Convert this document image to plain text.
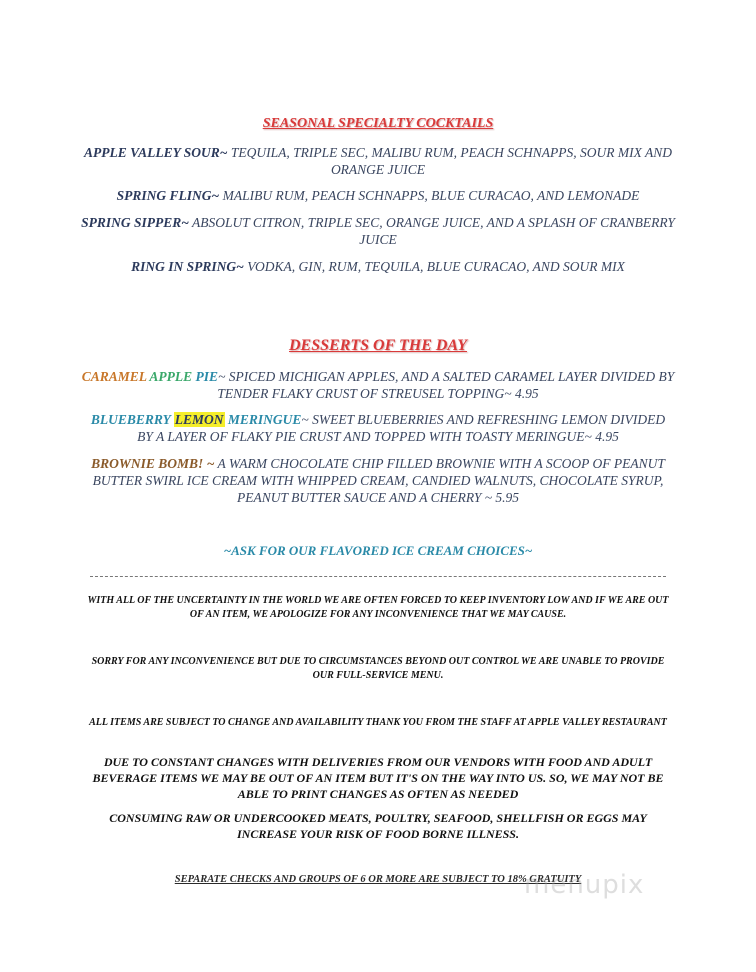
SEASONAL SPECIALTY COCKTAILS
APPLE VALLEY SOUR~ TEQUILA, TRIPLE SEC, MALIBU RUM, PEACH SCHNAPPS, SOUR MIX AND ORANGE JUICE
SPRING FLING~ MALIBU RUM, PEACH SCHNAPPS, BLUE CURACAO, AND LEMONADE
SPRING SIPPER~ ABSOLUT CITRON, TRIPLE SEC, ORANGE JUICE, AND A SPLASH OF CRANBERRY JUICE
RING IN SPRING~ VODKA, GIN, RUM, TEQUILA, BLUE CURACAO, AND SOUR MIX
DESSERTS OF THE DAY
CARAMEL APPLE PIE~ SPICED MICHIGAN APPLES, AND A SALTED CARAMEL LAYER DIVIDED BY TENDER FLAKY CRUST OF STREUSEL TOPPING~ 4.95
BLUEBERRY LEMON MERINGUE~ SWEET BLUEBERRIES AND REFRESHING LEMON DIVIDED BY A LAYER OF FLAKY PIE CRUST AND TOPPED WITH TOASTY MERINGUE~ 4.95
BROWNIE BOMB! ~ A WARM CHOCOLATE CHIP FILLED BROWNIE WITH A SCOOP OF PEANUT BUTTER SWIRL ICE CREAM WITH WHIPPED CREAM, CANDIED WALNUTS, CHOCOLATE SYRUP, PEANUT BUTTER SAUCE AND A CHERRY ~ 5.95
~ASK FOR OUR FLAVORED ICE CREAM CHOICES~
WITH ALL OF THE UNCERTAINTY IN THE WORLD WE ARE OFTEN FORCED TO KEEP INVENTORY LOW AND IF WE ARE OUT OF AN ITEM, WE APOLOGIZE FOR ANY INCONVENIENCE THAT WE MAY CAUSE.
SORRY FOR ANY INCONVENIENCE BUT DUE TO CIRCUMSTANCES BEYOND OUT CONTROL WE ARE UNABLE TO PROVIDE OUR FULL-SERVICE MENU.
ALL ITEMS ARE SUBJECT TO CHANGE AND AVAILABILITY THANK YOU FROM THE STAFF AT APPLE VALLEY RESTAURANT
DUE TO CONSTANT CHANGES WITH DELIVERIES FROM OUR VENDORS WITH FOOD AND ADULT BEVERAGE ITEMS WE MAY BE OUT OF AN ITEM BUT IT'S ON THE WAY INTO US. SO, WE MAY NOT BE ABLE TO PRINT CHANGES AS OFTEN AS NEEDED
CONSUMING RAW OR UNDERCOOKED MEATS, POULTRY, SEAFOOD, SHELLFISH OR EGGS MAY INCREASE YOUR RISK OF FOOD BORNE ILLNESS.
SEPARATE CHECKS AND GROUPS OF 6 OR MORE ARE SUBJECT TO 18% GRATUITY
menupix
